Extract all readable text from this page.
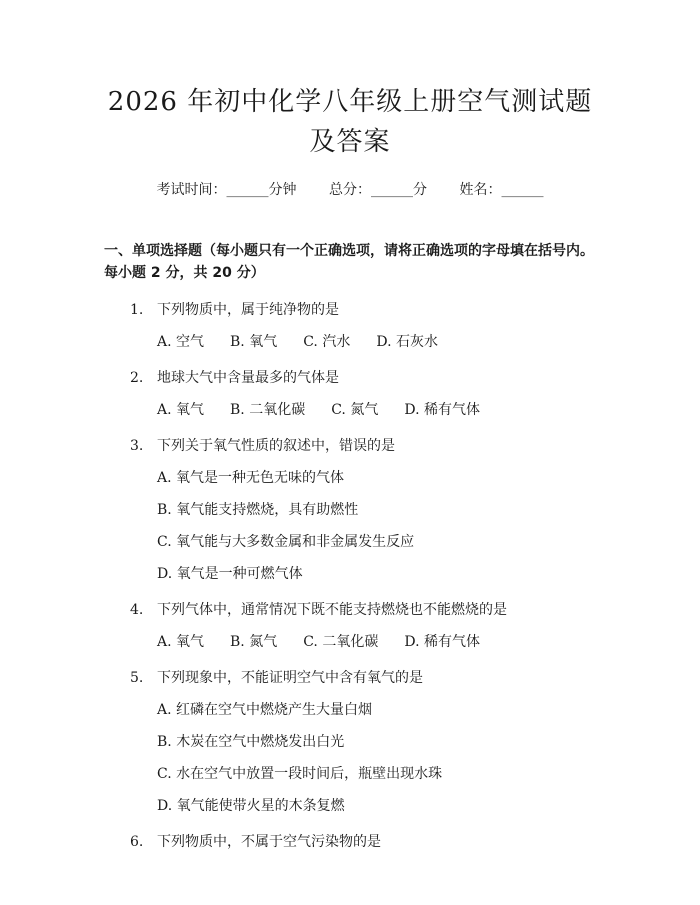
2026 年初中化学八年级上册空气测试题及答案
考试时间：______分钟 总分：______分 姓名：______
一、单项选择题（每小题只有一个正确选项，请将正确选项的字母填在括号内。每小题 2 分，共 20 分）
1. 下列物质中，属于纯净物的是
A. 空气 B. 氧气 C. 汽水 D. 石灰水
2. 地球大气中含量最多的气体是
A. 氧气 B. 二氧化碳 C. 氮气 D. 稀有气体
3. 下列关于氧气性质的叙述中，错误的是
A. 氧气是一种无色无味的气体
B. 氧气能支持燃烧，具有助燃性
C. 氧气能与大多数金属和非金属发生反应
D. 氧气是一种可燃气体
4. 下列气体中，通常情况下既不能支持燃烧也不能燃烧的是
A. 氧气 B. 氮气 C. 二氧化碳 D. 稀有气体
5. 下列现象中，不能证明空气中含有氧气的是
A. 红磷在空气中燃烧产生大量白烟
B. 木炭在空气中燃烧发出白光
C. 水在空气中放置一段时间后，瓶壁出现水珠
D. 氧气能使带火星的木条复燃
6. 下列物质中，不属于空气污染物的是
